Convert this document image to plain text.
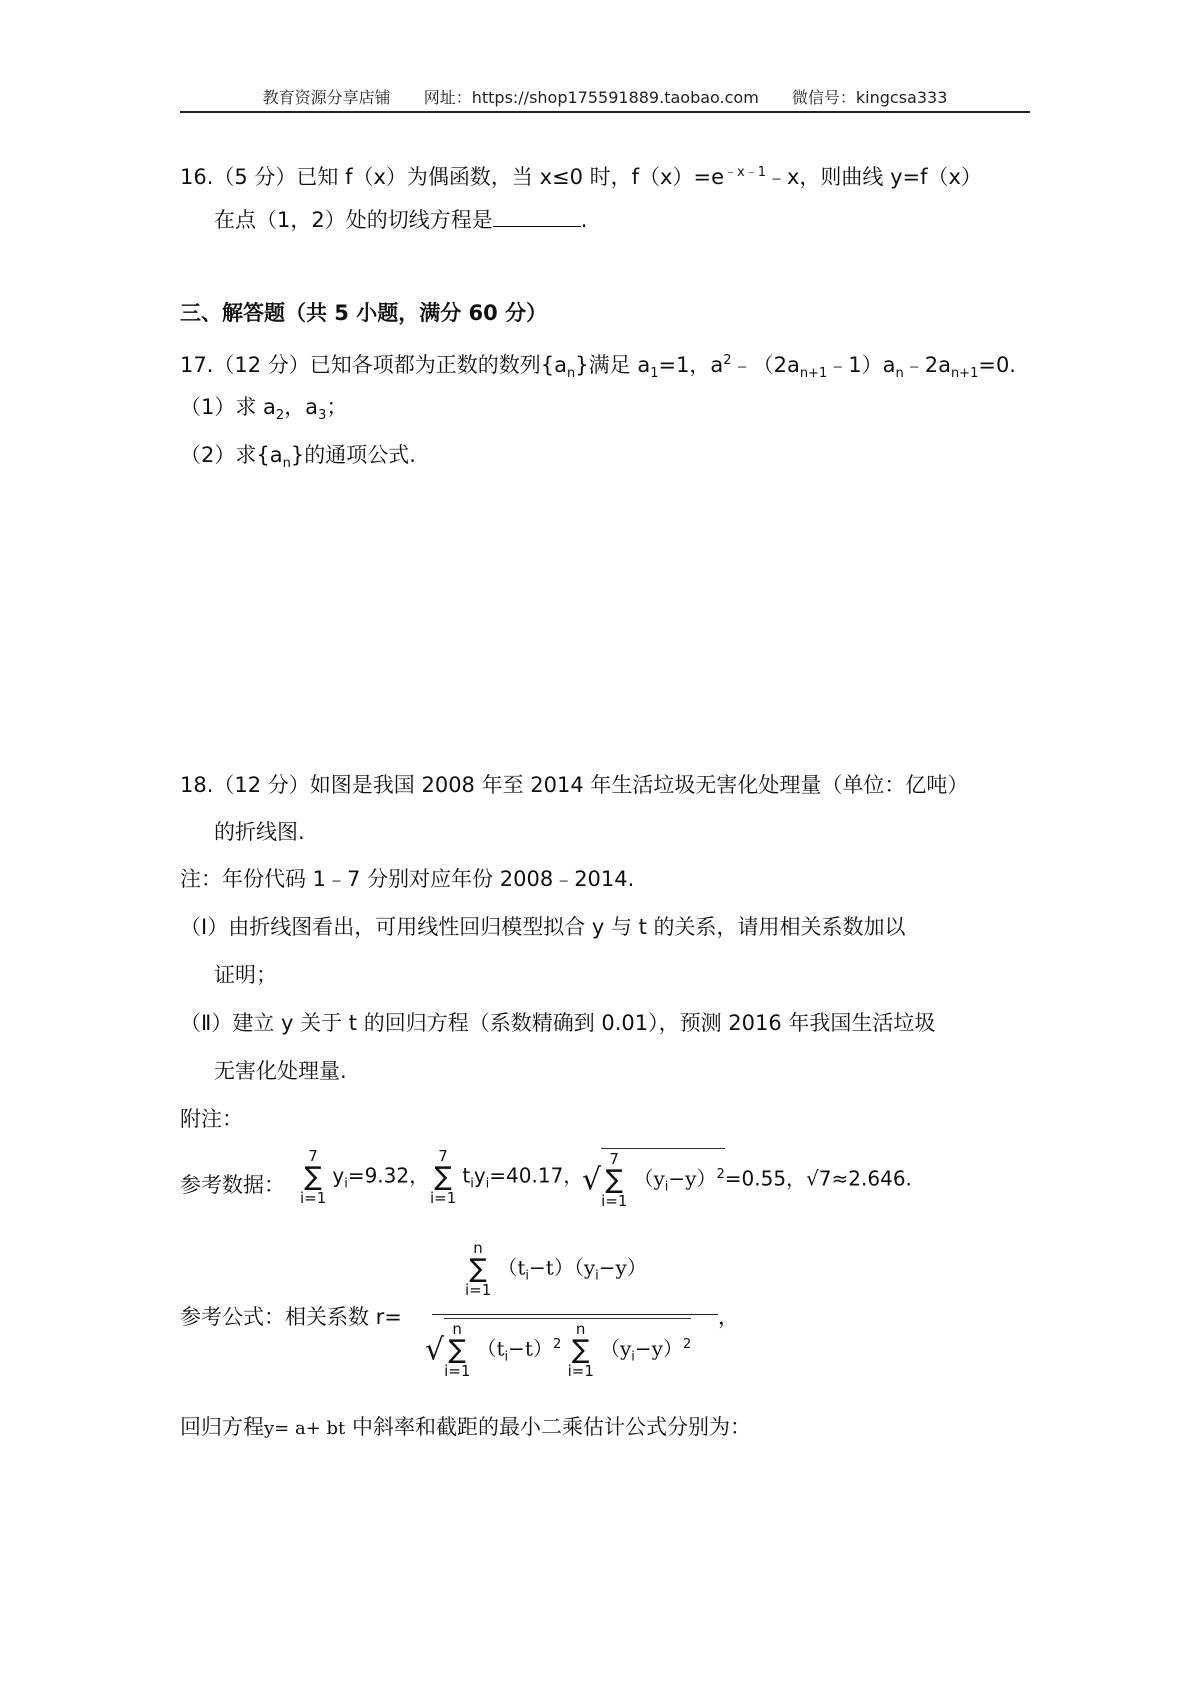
教育资源分享店铺 网址：https://shop175591889.taobao.com 微信号：kingcsa333
16.（5 分）已知 f（x）为偶函数，当 x≤0 时，$f(x)=e^{﹣x﹣1}﹣x$，则曲线 y=f（x）
在点（1，2）处的切线方程是	.
三、解答题（共 5 小题，满分 60 分）
17.（12 分）已知各项都为正数的数列$\{a_n\}$满足 $a_1=1$，$a^2﹣(2a_{n+1}﹣1)a_n﹣2a_{n+1}=0$.
（1）求 $a_2$，$a_3$；
（2）求$\{a_n\}$的通项公式.
18.（12 分）如图是我国 2008 年至 2014 年生活垃圾无害化处理量（单位：亿吨）
的折线图.
注：年份代码 1﹣7 分别对应年份 2008﹣2014.
（Ⅰ）由折线图看出，可用线性回归模型拟合 y 与 t 的关系，请用相关系数加以
证明；
（Ⅱ）建立 y 关于 t 的回归方程（系数精确到 0.01），预测 2016 年我国生活垃圾
无害化处理量.
附注：
参考数据：
7
∑
i=1 $y_i=9.32$，
7
∑
i=1 $t_iy_i=40.17$，
√7
∑
i=1 $(y_i-y)^2=0.55$，√7≈2.646.
参考公式：相关系数 r=
n
∑
i=1 $(t_i-t)(y_i-y)$
，
√n
∑
i=1 $(t_i-t)^2$ n
∑
i=1 $(y_i-y)^2$
回归方程y= a+ bt 中斜率和截距的最小二乘估计公式分别为：
